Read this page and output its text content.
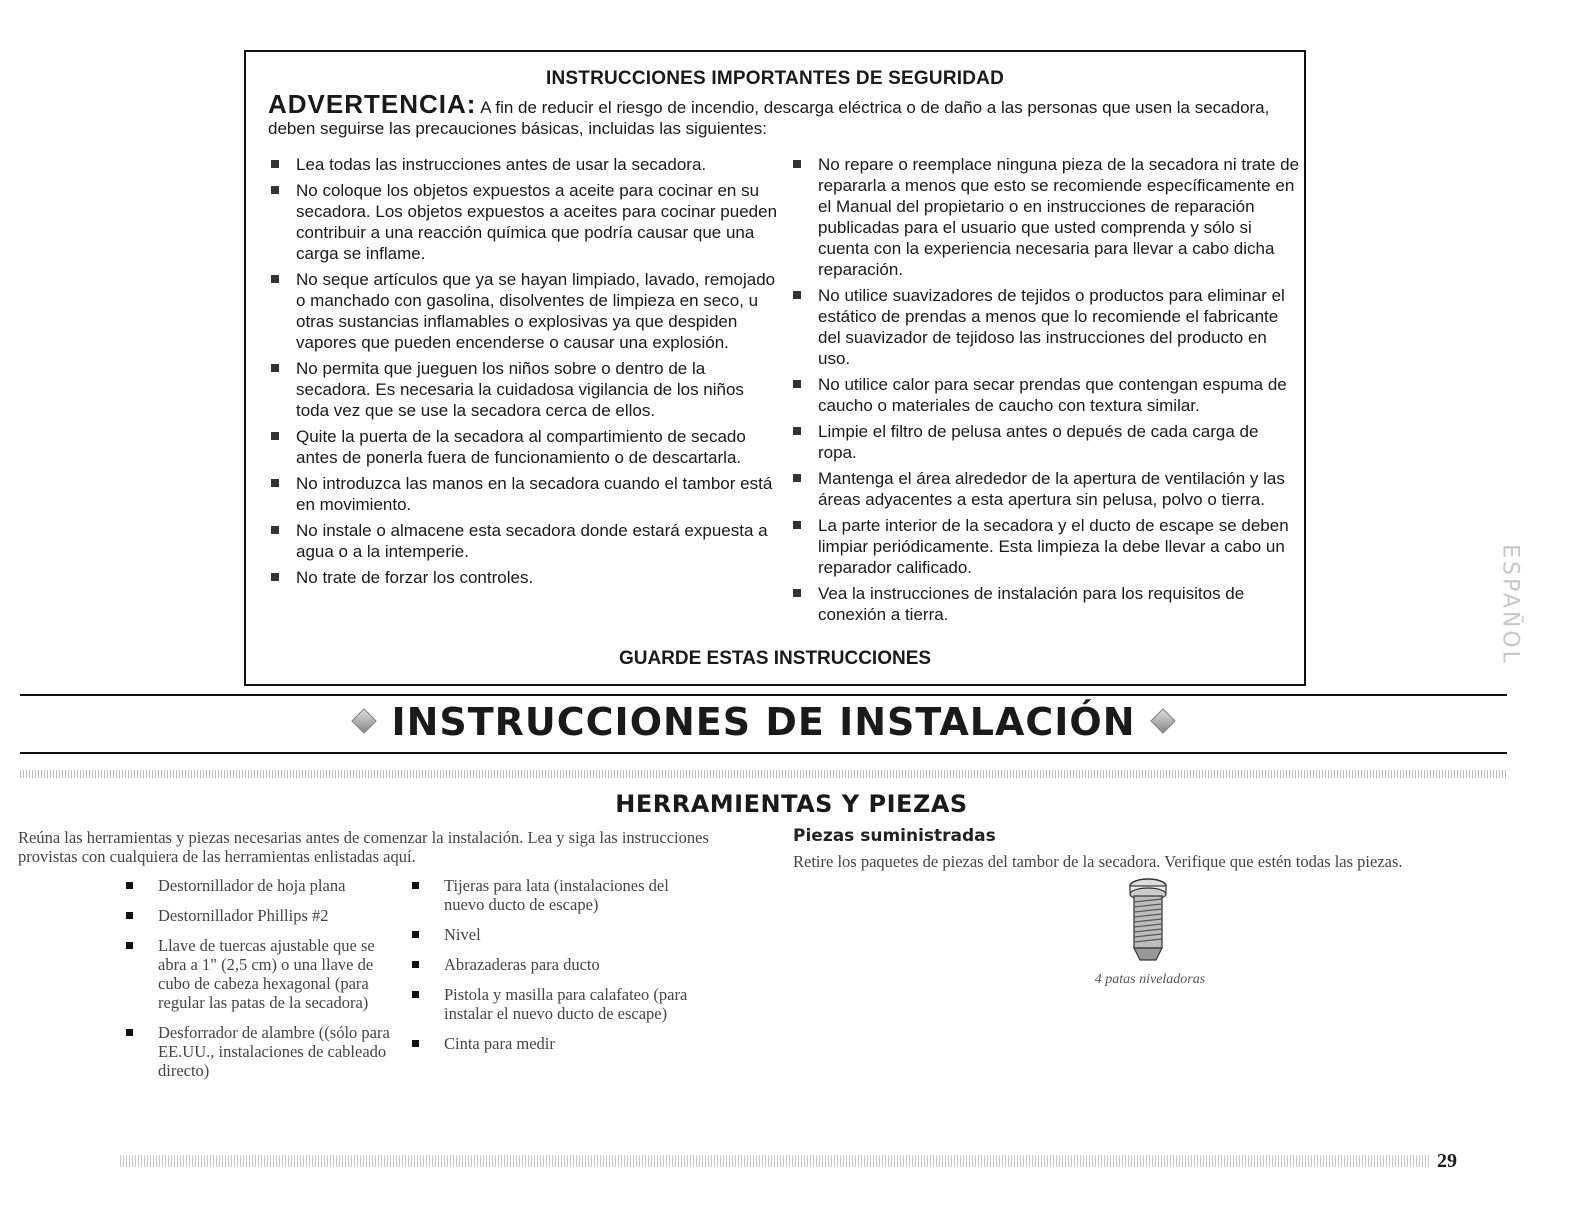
INSTRUCCIONES IMPORTANTES DE SEGURIDAD
ADVERTENCIA: A fin de reducir el riesgo de incendio, descarga eléctrica o de daño a las personas que usen la secadora, deben seguirse las precauciones básicas, incluidas las siguientes:
Lea todas las instrucciones antes de usar la secadora.
No coloque los objetos expuestos a aceite para cocinar en su secadora. Los objetos expuestos a aceites para cocinar pueden contribuir a una reacción química que podría causar que una carga se inflame.
No seque artículos que ya se hayan limpiado, lavado, remojado o manchado con gasolina, disolventes de limpieza en seco, u otras sustancias inflamables o explosivas ya que despiden vapores que pueden encenderse o causar una explosión.
No permita que jueguen los niños sobre o dentro de la secadora. Es necesaria la cuidadosa vigilancia de los niños toda vez que se use la secadora cerca de ellos.
Quite la puerta de la secadora al compartimiento de secado antes de ponerla fuera de funcionamiento o de descartarla.
No introduzca las manos en la secadora cuando el tambor está en movimiento.
No instale o almacene esta secadora donde estará expuesta a agua o a la intemperie.
No trate de forzar los controles.
No repare o reemplace ninguna pieza de la secadora ni trate de repararla a menos que esto se recomiende específicamente en el Manual del propietario o en instrucciones de reparación publicadas para el usuario que usted comprenda y sólo si cuenta con la experiencia necesaria para llevar a cabo dicha reparación.
No utilice suavizadores de tejidos o productos para eliminar el estático de prendas a menos que lo recomiende el fabricante del suavizador de tejidoso las instrucciones del producto en uso.
No utilice calor para secar prendas que contengan espuma de caucho o materiales de caucho con textura similar.
Limpie el filtro de pelusa antes o depués de cada carga de ropa.
Mantenga el área alrededor de la apertura de ventilación y las áreas adyacentes a esta apertura sin pelusa, polvo o tierra.
La parte interior de la secadora y el ducto de escape se deben limpiar periódicamente. Esta limpieza la debe llevar a cabo un reparador calificado.
Vea la instrucciones de instalación para los requisitos de conexión a tierra.
GUARDE ESTAS INSTRUCCIONES	ESPAÑOL
INSTRUCCIONES DE INSTALACIÓN
HERRAMIENTAS Y PIEZAS
Reúna las herramientas y piezas necesarias antes de comenzar la instalación. Lea y siga las instrucciones provistas con cualquiera de las herramientas enlistadas aquí.
Destornillador de hoja plana
Destornillador Phillips #2
Llave de tuercas ajustable que se abra a 1" (2,5 cm) o una llave de cubo de cabeza hexagonal (para regular las patas de la secadora)
Desforrador de alambre ((sólo para EE.UU., instalaciones de cableado directo)
Tijeras para lata (instalaciones del nuevo ducto de escape)
Nivel
Abrazaderas para ducto
Pistola y masilla para calafateo (para instalar el nuevo ducto de escape)
Cinta para medir
Piezas suministradas
Retire los paquetes de piezas del tambor de la secadora. Verifique que estén todas las piezas.
4 patas niveladoras
29
